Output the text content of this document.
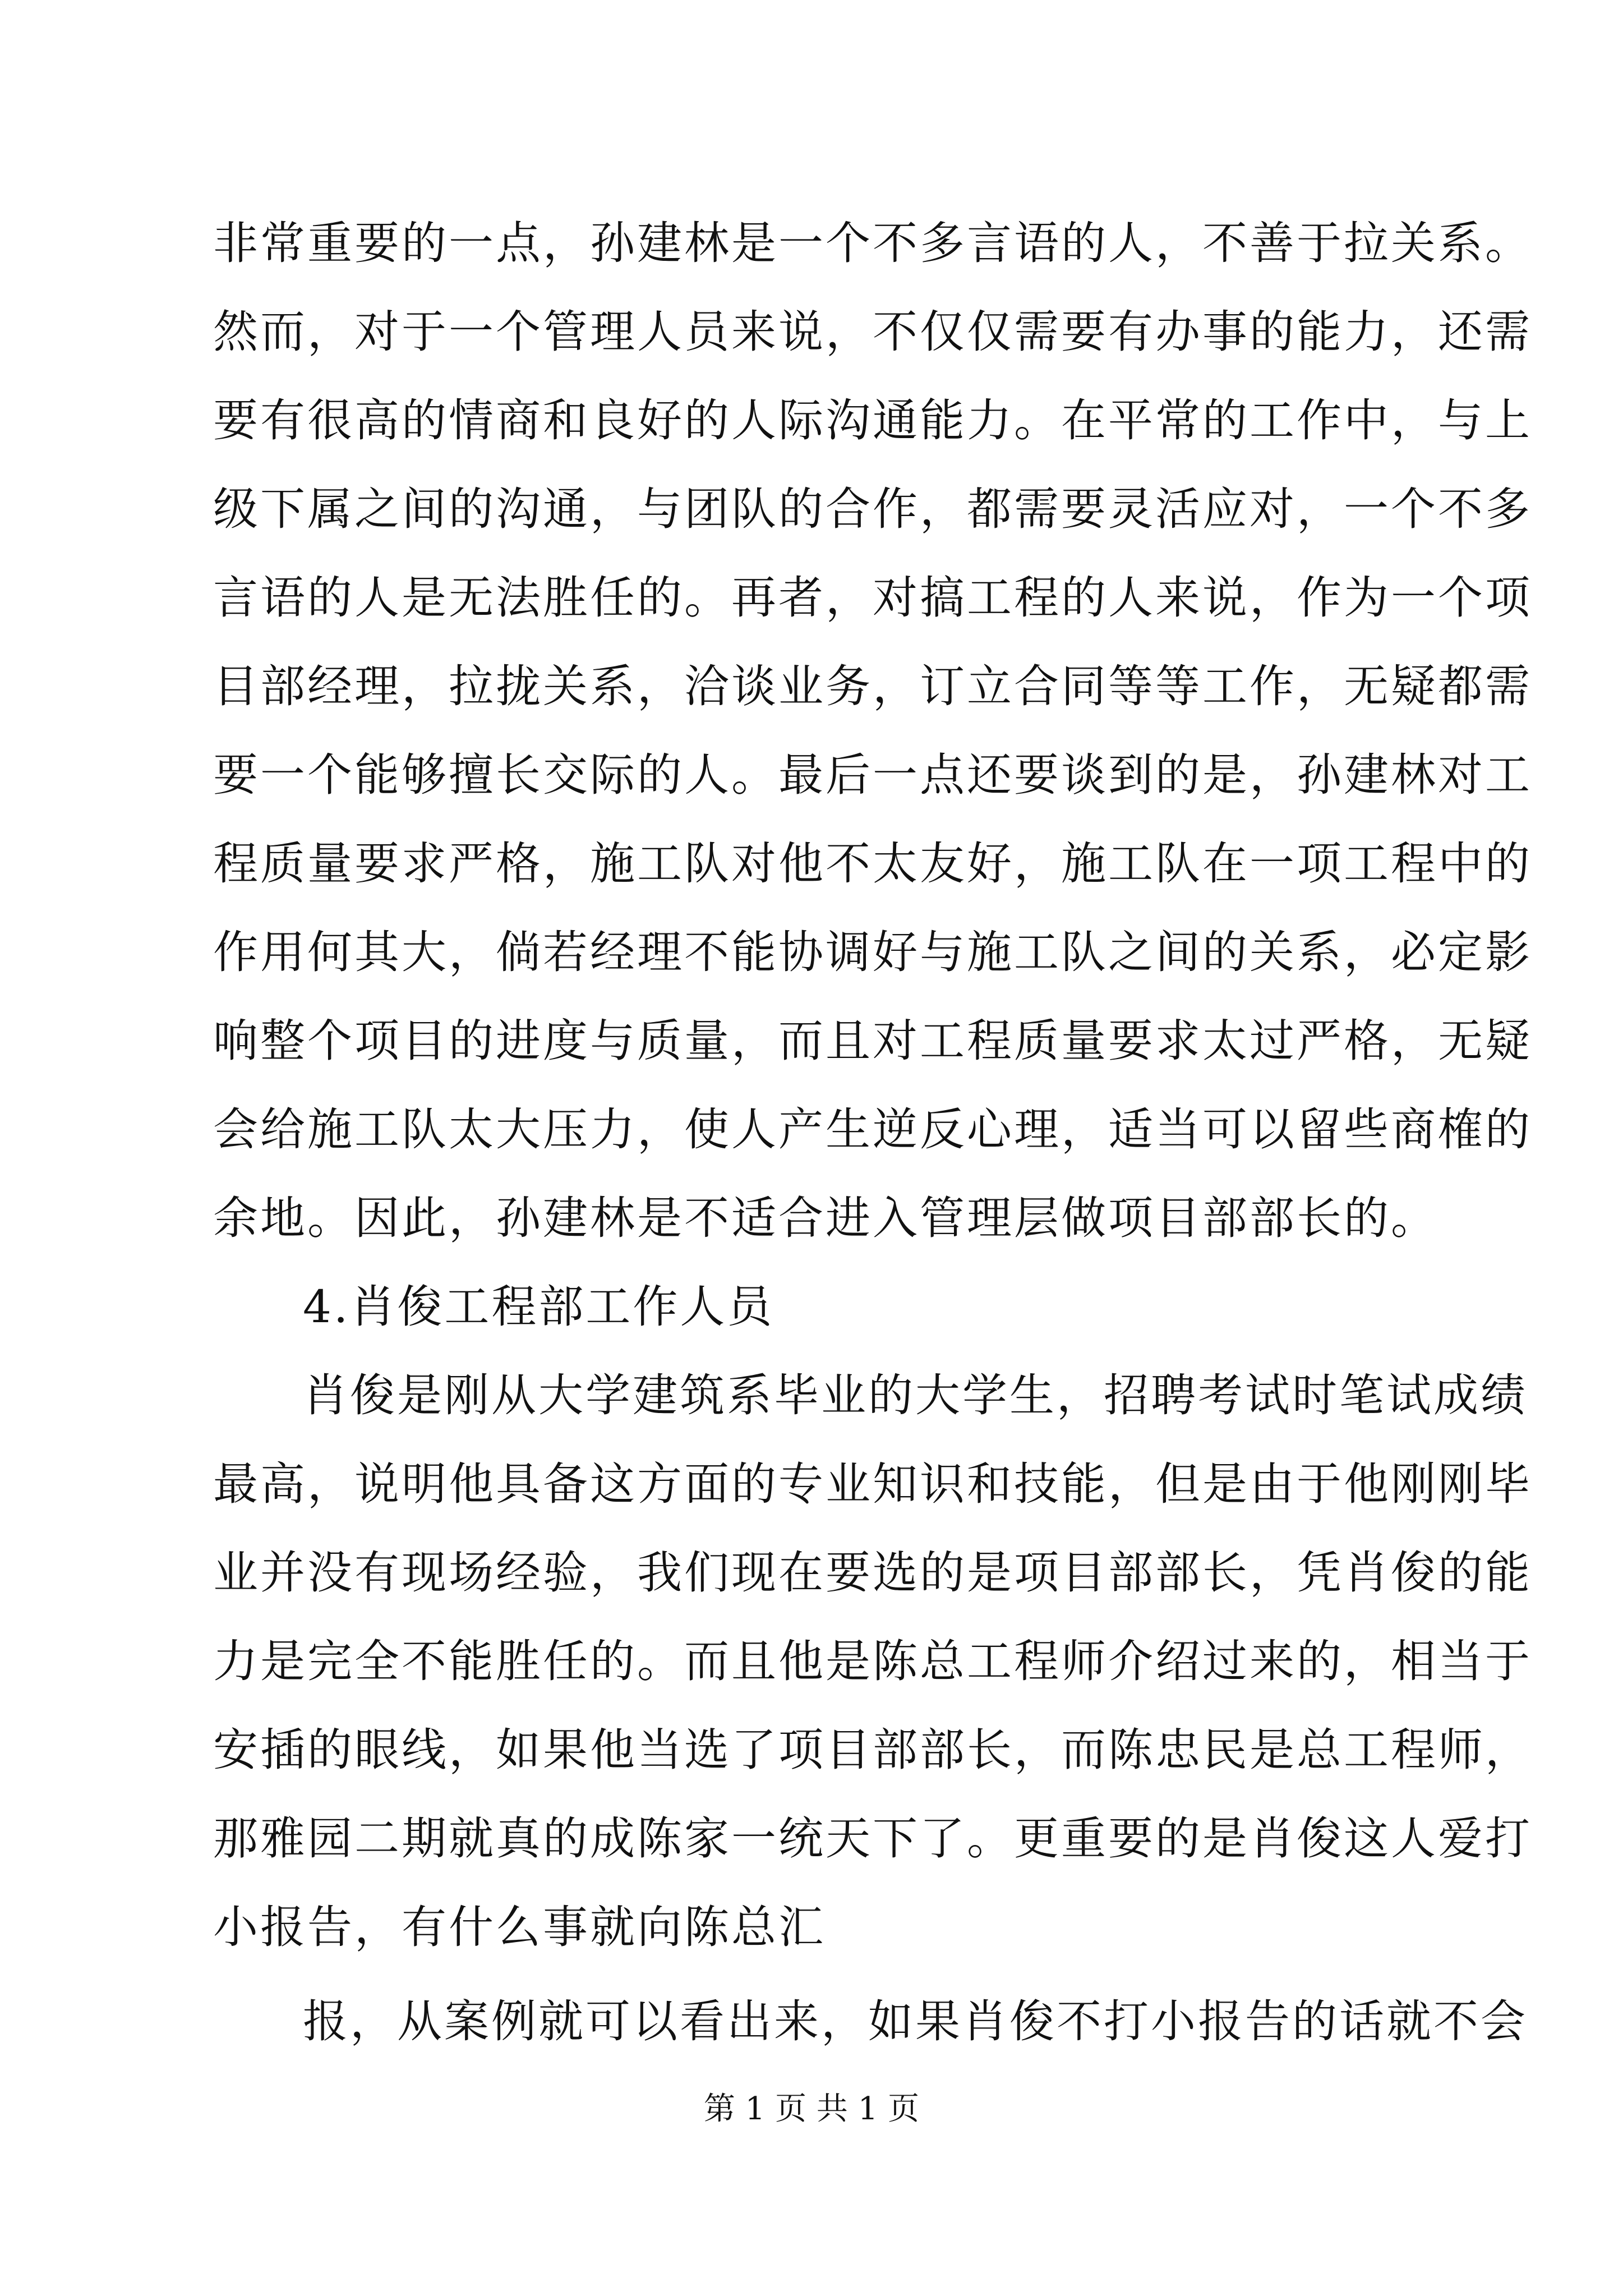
非常重要的一点，孙建林是一个不多言语的人，不善于拉关系。
然而，对于一个管理人员来说，不仅仅需要有办事的能力，还需
要有很高的情商和良好的人际沟通能力。在平常的工作中，与上
级下属之间的沟通，与团队的合作，都需要灵活应对，一个不多
言语的人是无法胜任的。再者，对搞工程的人来说，作为一个项
目部经理，拉拢关系，洽谈业务，订立合同等等工作，无疑都需
要一个能够擅长交际的人。最后一点还要谈到的是，孙建林对工
程质量要求严格，施工队对他不太友好，施工队在一项工程中的
作用何其大，倘若经理不能协调好与施工队之间的关系，必定影
响整个项目的进度与质量，而且对工程质量要求太过严格，无疑
会给施工队太大压力，使人产生逆反心理，适当可以留些商榷的
余地。因此，孙建林是不适合进入管理层做项目部部长的。
4.肖俊工程部工作人员
肖俊是刚从大学建筑系毕业的大学生，招聘考试时笔试成绩
最高，说明他具备这方面的专业知识和技能，但是由于他刚刚毕
业并没有现场经验，我们现在要选的是项目部部长，凭肖俊的能
力是完全不能胜任的。而且他是陈总工程师介绍过来的，相当于
安插的眼线，如果他当选了项目部部长，而陈忠民是总工程师，
那雅园二期就真的成陈家一统天下了。更重要的是肖俊这人爱打
小报告，有什么事就向陈总汇
报，从案例就可以看出来，如果肖俊不打小报告的话就不会
第 1 页 共 1 页
